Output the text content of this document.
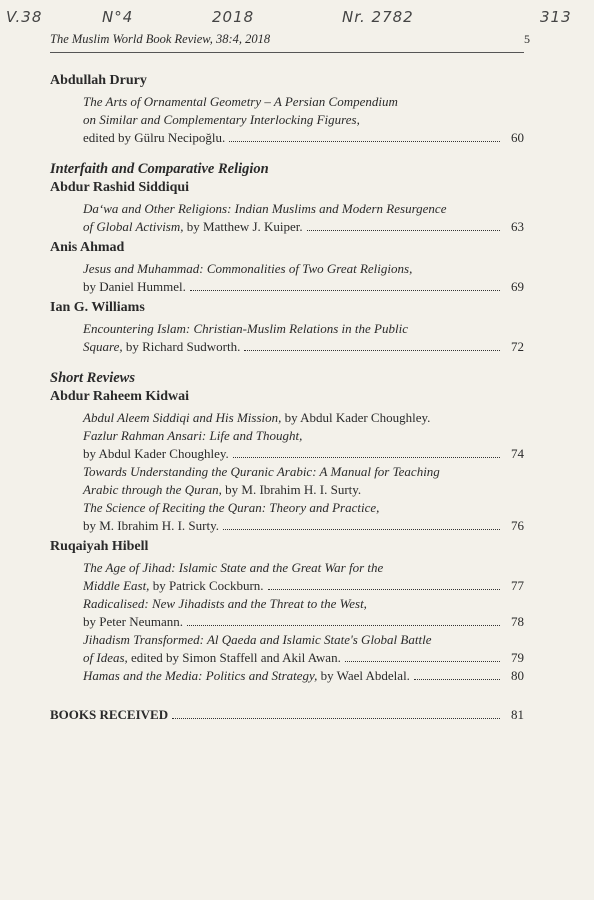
V.38	N°4	2018	Nr. 2782	313
The Muslim World Book Review, 38:4, 2018	5
Abdullah Drury
The Arts of Ornamental Geometry – A Persian Compendium
on Similar and Complementary Interlocking Figures,
edited by Gülru Necipoğlu.	60
Interfaith and Comparative Religion
Abdur Rashid Siddiqui
Da‘wa and Other Religions: Indian Muslims and Modern Resurgence
of Global Activism, by Matthew J. Kuiper.	63
Anis Ahmad
Jesus and Muhammad: Commonalities of Two Great Religions,
by Daniel Hummel.	69
Ian G. Williams
Encountering Islam: Christian-Muslim Relations in the Public
Square, by Richard Sudworth.	72
Short Reviews
Abdur Raheem Kidwai
Abdul Aleem Siddiqi and His Mission, by Abdul Kader Choughley.
Fazlur Rahman Ansari: Life and Thought,
by Abdul Kader Choughley.	74
Towards Understanding the Quranic Arabic: A Manual for Teaching
Arabic through the Quran, by M. Ibrahim H. I. Surty.
The Science of Reciting the Quran: Theory and Practice,
by M. Ibrahim H. I. Surty.	76
Ruqaiyah Hibell
The Age of Jihad: Islamic State and the Great War for the
Middle East, by Patrick Cockburn.	77
Radicalised: New Jihadists and the Threat to the West,
by Peter Neumann.	78
Jihadism Transformed: Al Qaeda and Islamic State's Global Battle
of Ideas, edited by Simon Staffell and Akil Awan.	79
Hamas and the Media: Politics and Strategy, by Wael Abdelal.	80
BOOKS RECEIVED	81
